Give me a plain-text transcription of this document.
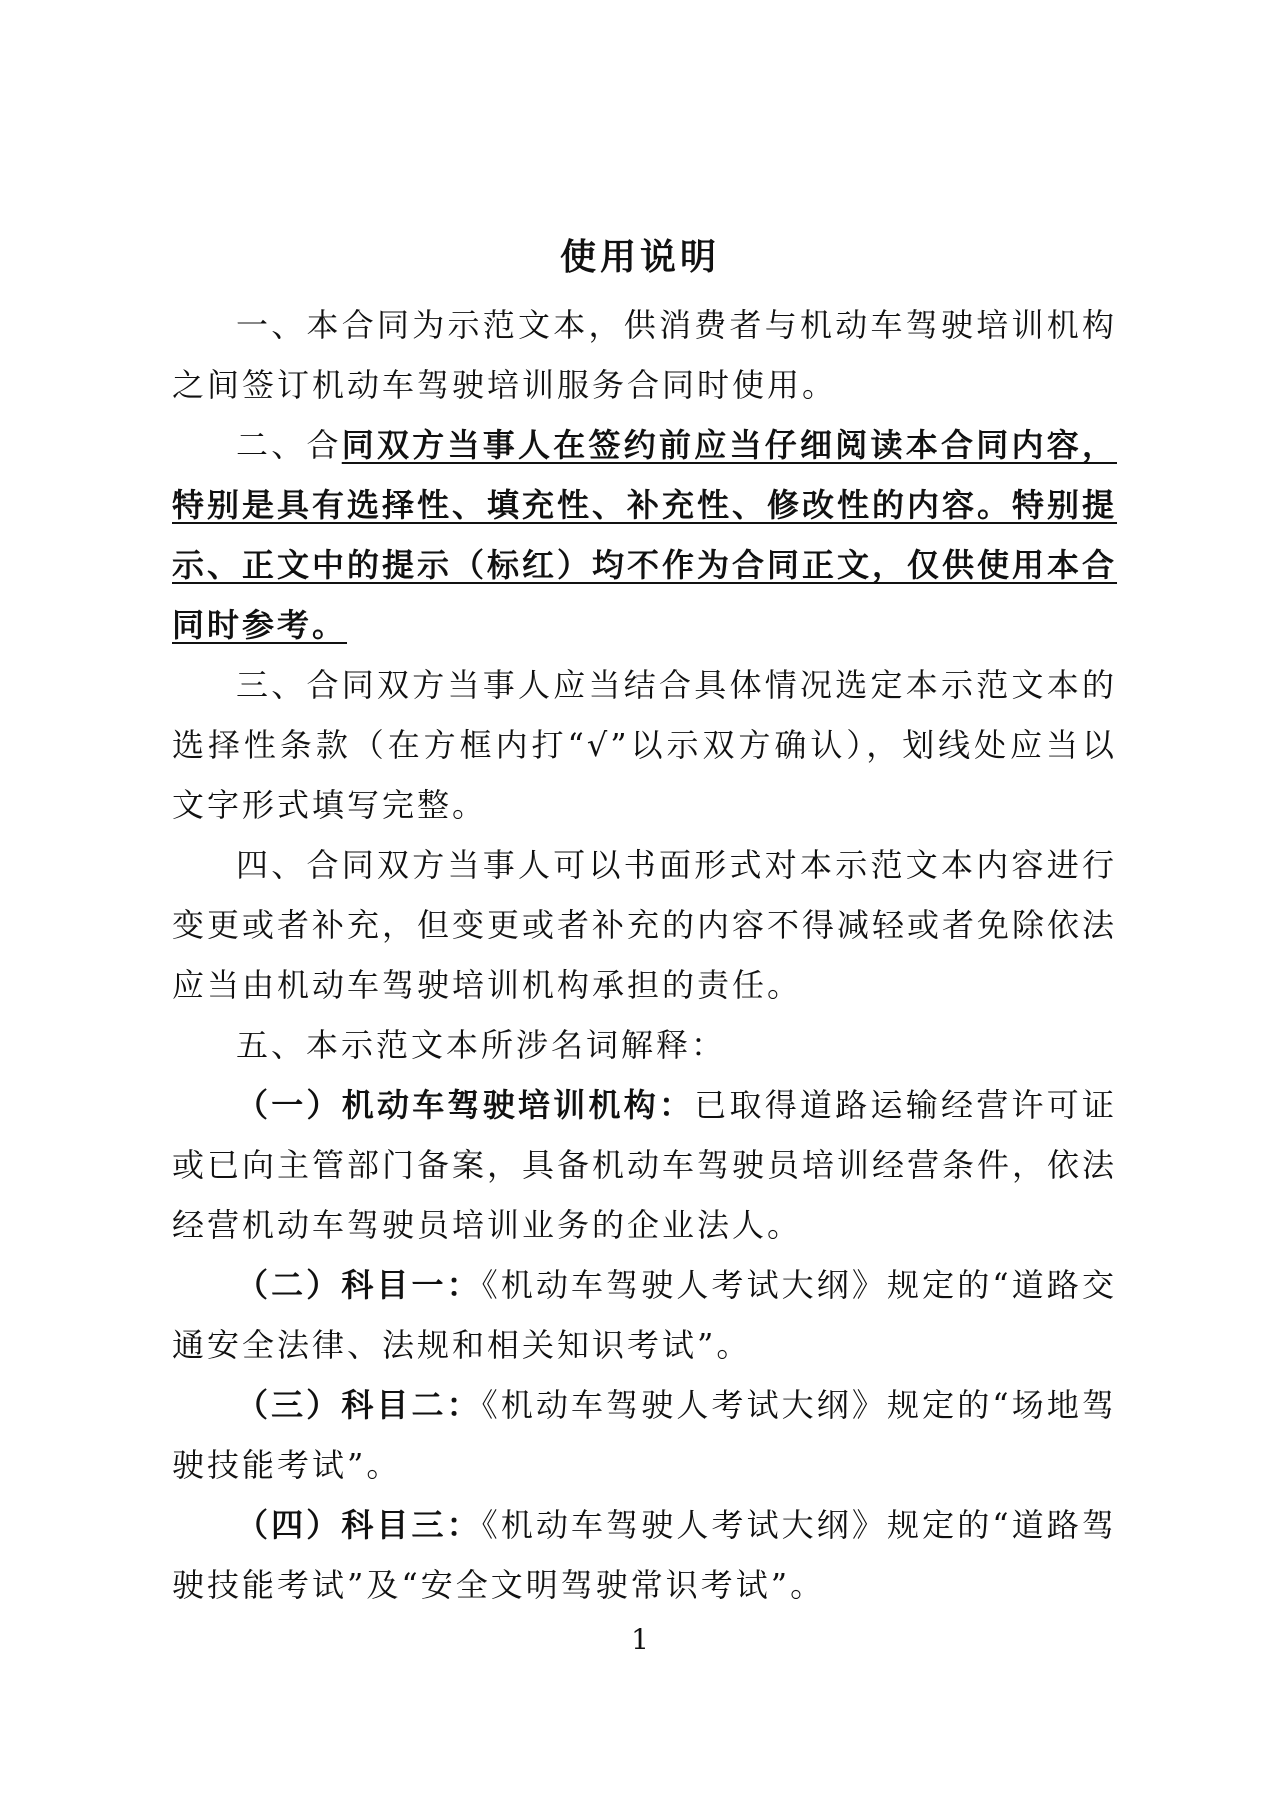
使用说明

一、本合同为示范文本，供消费者与机动车驾驶培训机构之间签订机动车驾驶培训服务合同时使用。

二、合同双方当事人在签约前应当仔细阅读本合同内容，特别是具有选择性、填充性、补充性、修改性的内容。特别提示、正文中的提示（标红）均不作为合同正文，仅供使用本合同时参考。

三、合同双方当事人应当结合具体情况选定本示范文本的选择性条款（在方框内打“√”以示双方确认），划线处应当以文字形式填写完整。

四、合同双方当事人可以书面形式对本示范文本内容进行变更或者补充，但变更或者补充的内容不得减轻或者免除依法应当由机动车驾驶培训机构承担的责任。

五、本示范文本所涉名词解释：

（一）机动车驾驶培训机构：已取得道路运输经营许可证或已向主管部门备案，具备机动车驾驶员培训经营条件，依法经营机动车驾驶员培训业务的企业法人。

（二）科目一：《机动车驾驶人考试大纲》规定的“道路交通安全法律、法规和相关知识考试”。

（三）科目二：《机动车驾驶人考试大纲》规定的“场地驾驶技能考试”。

（四）科目三：《机动车驾驶人考试大纲》规定的“道路驾驶技能考试”及“安全文明驾驶常识考试”。

1
